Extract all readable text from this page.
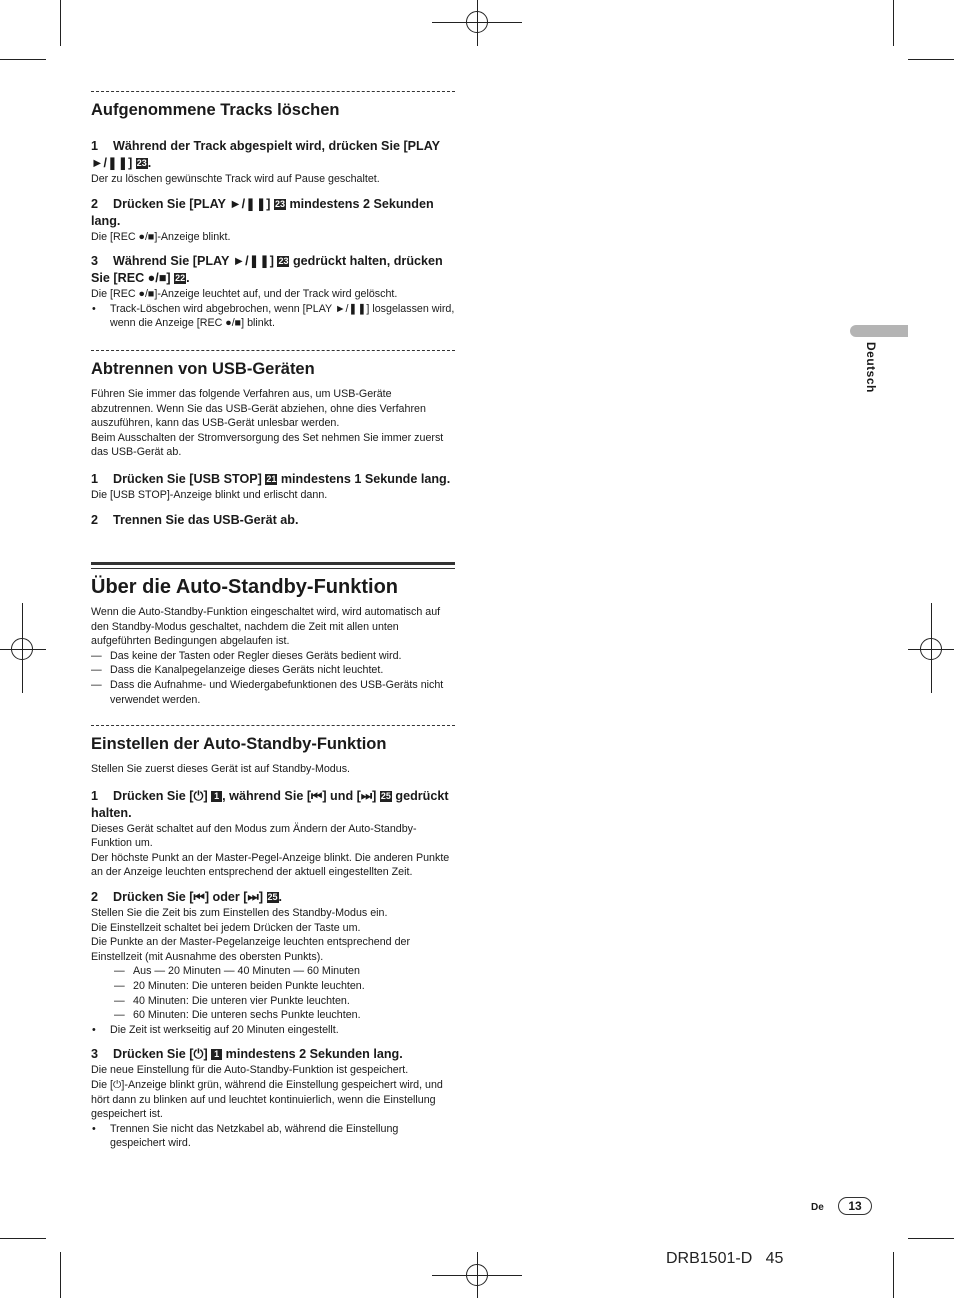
Aufgenommene Tracks löschen

1 Während der Track abgespielt wird, drücken Sie [PLAY ►/❚❚] 23.

Der zu löschen gewünschte Track wird auf Pause geschaltet.

2 Drücken Sie [PLAY ►/❚❚] 23 mindestens 2 Sekunden lang.

Die [REC ●/■]-Anzeige blinkt.

3 Während Sie [PLAY ►/❚❚] 23 gedrückt halten, drücken Sie [REC ●/■] 22.

Die [REC ●/■]-Anzeige leuchtet auf, und der Track wird gelöscht.

• Track-Löschen wird abgebrochen, wenn [PLAY ►/❚❚] losgelassen wird, wenn die Anzeige [REC ●/■] blinkt.
Abtrennen von USB-Geräten

Führen Sie immer das folgende Verfahren aus, um USB-Geräte abzutrennen. Wenn Sie das USB-Gerät abziehen, ohne dies Verfahren auszuführen, kann das USB-Gerät unlesbar werden.

Beim Ausschalten der Stromversorgung des Set nehmen Sie immer zuerst das USB-Gerät ab.

1 Drücken Sie [USB STOP] 21 mindestens 1 Sekunde lang.

Die [USB STOP]-Anzeige blinkt und erlischt dann.

2 Trennen Sie das USB-Gerät ab.

Über die Auto-Standby-Funktion

Wenn die Auto-Standby-Funktion eingeschaltet wird, wird automatisch auf den Standby-Modus geschaltet, nachdem die Zeit mit allen unten aufgeführten Bedingungen abgelaufen ist.

— Das keine der Tasten oder Regler dieses Geräts bedient wird.
— Dass die Kanalpegelanzeige dieses Geräts nicht leuchtet.
— Dass die Aufnahme- und Wiedergabefunktionen des USB-Geräts nicht verwendet werden.
Einstellen der Auto-Standby-Funktion

Stellen Sie zuerst dieses Gerät ist auf Standby-Modus.

1 Drücken Sie [⏻] 1 , während Sie [⏮] und [⏭] 25 gedrückt halten.

Dieses Gerät schaltet auf den Modus zum Ändern der Auto-Standby-Funktion um.

Der höchste Punkt an der Master-Pegel-Anzeige blinkt. Die anderen Punkte an der Anzeige leuchten entsprechend der aktuell eingestellten Zeit.

2 Drücken Sie [⏮] oder [⏭] 25.

Stellen Sie die Zeit bis zum Einstellen des Standby-Modus ein.

Die Einstellzeit schaltet bei jedem Drücken der Taste um.

Die Punkte an der Master-Pegelanzeige leuchten entsprechend der Einstellzeit (mit Ausnahme des obersten Punkts).

— Aus — 20 Minuten — 40 Minuten — 60 Minuten
— 20 Minuten: Die unteren beiden Punkte leuchten.
— 40 Minuten: Die unteren vier Punkte leuchten.
— 60 Minuten: Die unteren sechs Punkte leuchten.
• Die Zeit ist werkseitig auf 20 Minuten eingestellt.

3 Drücken Sie [⏻] 1 mindestens 2 Sekunden lang.

Die neue Einstellung für die Auto-Standby-Funktion ist gespeichert.

Die [⏻]-Anzeige blinkt grün, während die Einstellung gespeichert wird, und hört dann zu blinken auf und leuchtet kontinuierlich, wenn die Einstellung gespeichert ist.

• Trennen Sie nicht das Netzkabel ab, während die Einstellung gespeichert wird.
Deutsch
De	13
DRB1501-D 45
